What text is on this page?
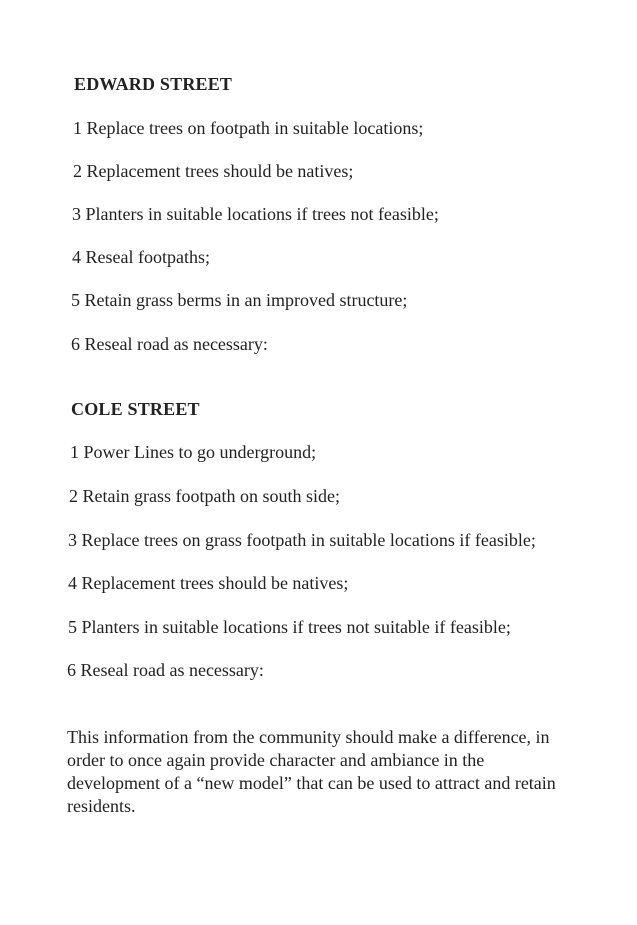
EDWARD STREET

1 Replace trees on footpath in suitable locations;

2 Replacement trees should be natives;

3 Planters in suitable locations if trees not feasible;

4 Reseal footpaths;

5 Retain grass berms in an improved structure;

6 Reseal road as necessary:

COLE STREET

1 Power Lines to go underground;

2 Retain grass footpath on south side;

3 Replace trees on grass footpath in suitable locations if feasible;

4 Replacement trees should be natives;

5 Planters in suitable locations if trees not suitable if feasible;

6 Reseal road as necessary:

This information from the community should make a difference, in order to once again provide character and ambiance in the development of a “new model” that can be used to attract and retain residents.
